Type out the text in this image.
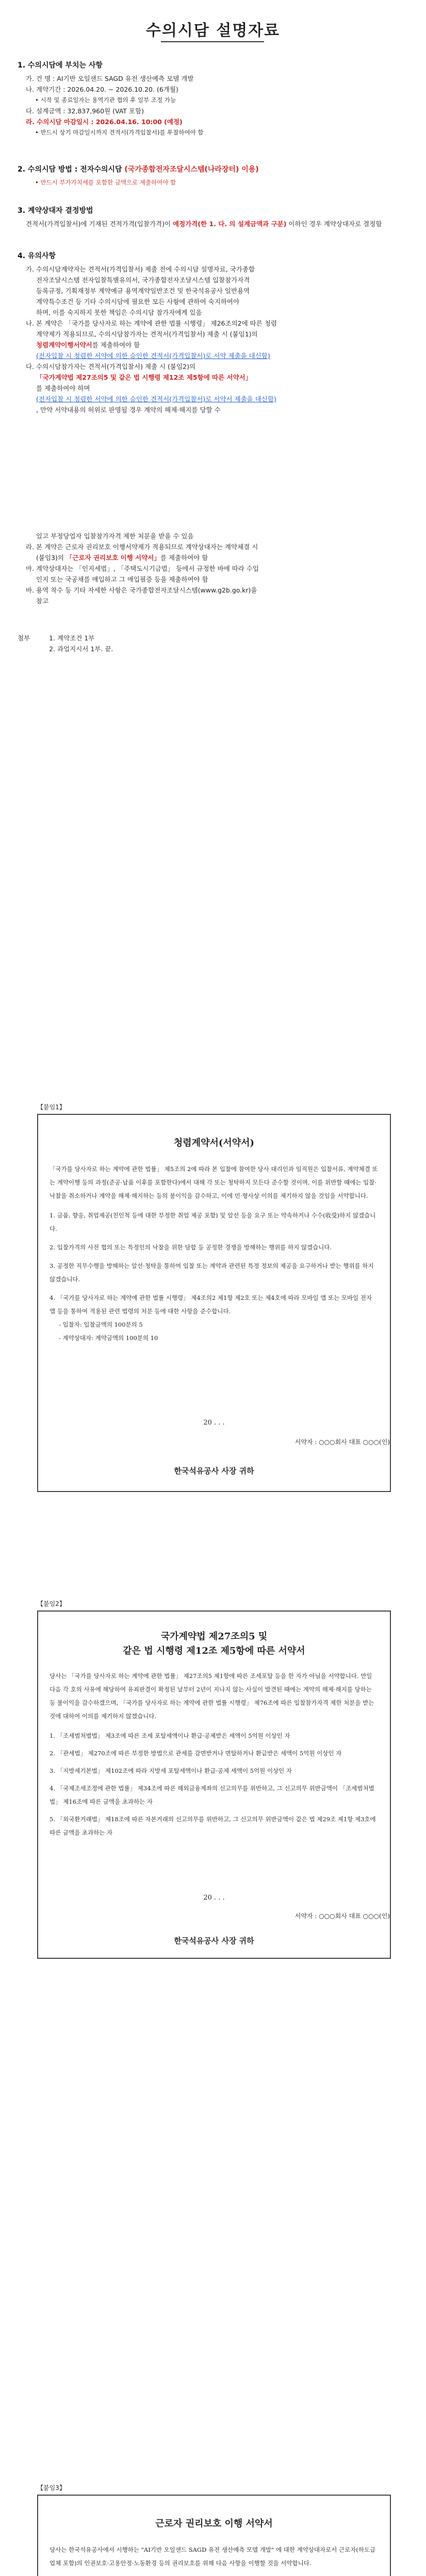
수의시담 설명자료

1. 수의시담에 부치는 사항

가. 건 명 : AI기반 오일샌드 SAGD 유전 생산예측 모델 개발

나. 계약기간 : 2026.04.20. ~ 2026.10.20. (6개월)

• 시작 및 종료일자는 용역기관 협의 후 일부 조정 가능

다. 설계금액 : 32,837,960원 (VAT 포함)

라. 수의시담 마감일시 : 2026.04.16. 10:00 (예정)

• 반드시 상기 마감일시까지 견적서(가격입찰서)를 투찰하여야 함

2. 수의시담 방법 : 전자수의시담 (국가종합전자조달시스템(나라장터) 이용)

• 반드시 부가가치세를 포함한 금액으로 제출하여야 함

3. 계약상대자 결정방법

견적서(가격입찰서)에 기재된 견적가격(입찰가격)이 예정가격(한 1. 다. 의 설계금액과 구분) 이하인 경우 계약상대자로 결정함

4. 유의사항

가. 수의시담계약자는 견적서(가격입찰서) 제출 전에 수의시담 설명자료, 국가종합

전자조달시스템 전자입찰특별유의서, 국가종합전자조달시스템 입찰참가자격

등록규정, 기획재정부 계약예규 용역계약일반조건 및 한국석유공사 일반용역

계약특수조건 등 기타 수의시담에 필요한 모든 사항에 관하여 숙지하여야

하며, 이를 숙지하지 못한 책임은 수의시담 참가자에게 있음

나. 본 계약은 「국가를 당사자로 하는 계약에 관한 법률 시행령」 제26조의2에 따른 청렴

계약제가 적용되므로, 수의시담참가자는 견적서(가격입찰서) 제출 시 (붙임1)의

청렴계약이행서약서를 제출하여야 함

(전자입찰 시 청렴한 서약에 의한 승인한 견적서(가격입찰서)로 서약 제출을 대신함)

다. 수의시담참가자는 견적서(가격입찰서) 제출 시 (붙임2)의

「국가계약법 제27조의5 및 같은 법 시행령 제12조 제5항에 따른 서약서」

를 제출하여야 하며

(전자입찰 시 청렴한 서약에 의한 승인한 견적서(가격입찰서)로 서약서 제출을 대신함)

, 만약 서약내용의 허위로 판명될 경우 계약의 해제·해지를 당할 수

있고 부정당업자 입찰참가자격 제한 처분을 받을 수 있음

라. 본 계약은 근로자 권리보호 이행서약제가 적용되므로 계약상대자는 계약체결 시

(붙임3)의 「근로자 권리보호 이행 서약서」를 제출하여야 함

마. 계약상대자는 「인지세법」, 「주택도시기금법」 등에서 규정한 바에 따라 수입

인지 또는 국공채를 매입하고 그 매입필증 등을 제출하여야 함

바. 용역 착수 등 기타 자세한 사항은 국가종합전자조달시스템(www.g2b.go.kr)을

참고

첨부	1. 계약조건 1부

2. 과업지시서 1부. 끝.

【붙임1】
청렴계약서(서약서)

「국가를 당사자로 하는 계약에 관한 법률」 제5조의 2에 따라 본 입찰에 참여한 당사 대리인과 임직원은 입찰서류, 계약체결 또는 계약이행 등의 과정(준공·납품 이후를 포함한다)에서 대해 각 또는 청탁하지 모든다 준수할 것이며, 이를 위반할 때에는 입찰·낙찰을 취소하거나 계약을 해제·해지하는 등의 불이익을 감수하고, 이에 민·형사상 이의를 제기하지 않을 것임을 서약합니다.

1. 금품, 향응, 취업제공(친인척 등에 대한 부정한 취업 제공 포함) 및 알선 등을 요구 또는 약속하거나 수수(收受)하지 않겠습니다.

2. 입찰가격의 사전 협의 또는 특정인의 낙찰을 위한 담합 등 공정한 경쟁을 방해하는 행위를 하지 않겠습니다.

3. 공정한 직무수행을 방해하는 알선·청탁을 통하여 입찰 또는 계약과 관련된 특정 정보의 제공을 요구하거나 받는 행위를 하지 않겠습니다.

4. 「국가를 당사자로 하는 계약에 관한 법률 시행령」 제4조의2 제1항 제2호 또는 제4호에 따라 모바일 앱 또는 모바일 전자 앱 등을 통하여 적용된 관련 법령의 처분 등에 대한 사항을 준수합니다.

- 입찰자: 입찰금액의 100분의 5

- 계약상대자: 계약금액의 100분의 10

20 . . .
서약자 : ○○○회사 대표 ○○○(인)
한국석유공사 사장 귀하
【붙임2】
국가계약법 제27조의5 및
같은 법 시행령 제12조 제5항에 따른 서약서

당사는 「국가를 당사자로 하는 계약에 관한 법률」 제27조의5 제1항에 따른 조세포탈 등을 한 자가 아님을 서약합니다. 만일 다음 각 호의 사유에 해당하여 유죄판결이 확정된 날부터 2년이 지나지 않는 사실이 발견된 때에는 계약의 해제·해지를 당하는 등 불이익을 감수하겠으며, 「국가를 당사자로 하는 계약에 관한 법률 시행령」 제76조에 따른 입찰참가자격 제한 처분을 받는 것에 대하여 이의를 제기하지 않겠습니다.

1. 「조세범처벌법」 제3조에 따른 조세 포탈세액이나 환급·공제받은 세액이 5억원 이상인 자

2. 「관세법」 제270조에 따른 부정한 방법으로 관세를 감면받거나 면탈하거나 환급받은 세액이 5억원 이상인 자

3. 「지방세기본법」 제102조에 따라 지방세 포탈세액이나 환급·공제 세액이 5억원 이상인 자

4. 「국제조세조정에 관한 법률」 제34조에 따른 해외금융계좌의 신고의무를 위반하고, 그 신고의무 위반금액이 「조세범처벌법」 제16조에 따른 금액을 초과하는 자

5. 「외국환거래법」 제18조에 따른 자본거래의 신고의무를 위반하고, 그 신고의무 위반금액이 같은 법 제29조 제1항 제3호에 따른 금액을 초과하는 자

20 . . .
서약자 : ○○○회사 대표 ○○○(인)
한국석유공사 사장 귀하
【붙임3】
근로자 권리보호 이행 서약서

당사는 한국석유공사에서 시행하는 "AI기반 오일샌드 SAGD 유전 생산예측 모델 개발" 에 대한 계약상대자로서 근로자(하도급 업체 포함)의 인권보호·고용안정·노동환경 등의 권리보호를 위해 다음 사항을 이행할 것을 서약합니다.
